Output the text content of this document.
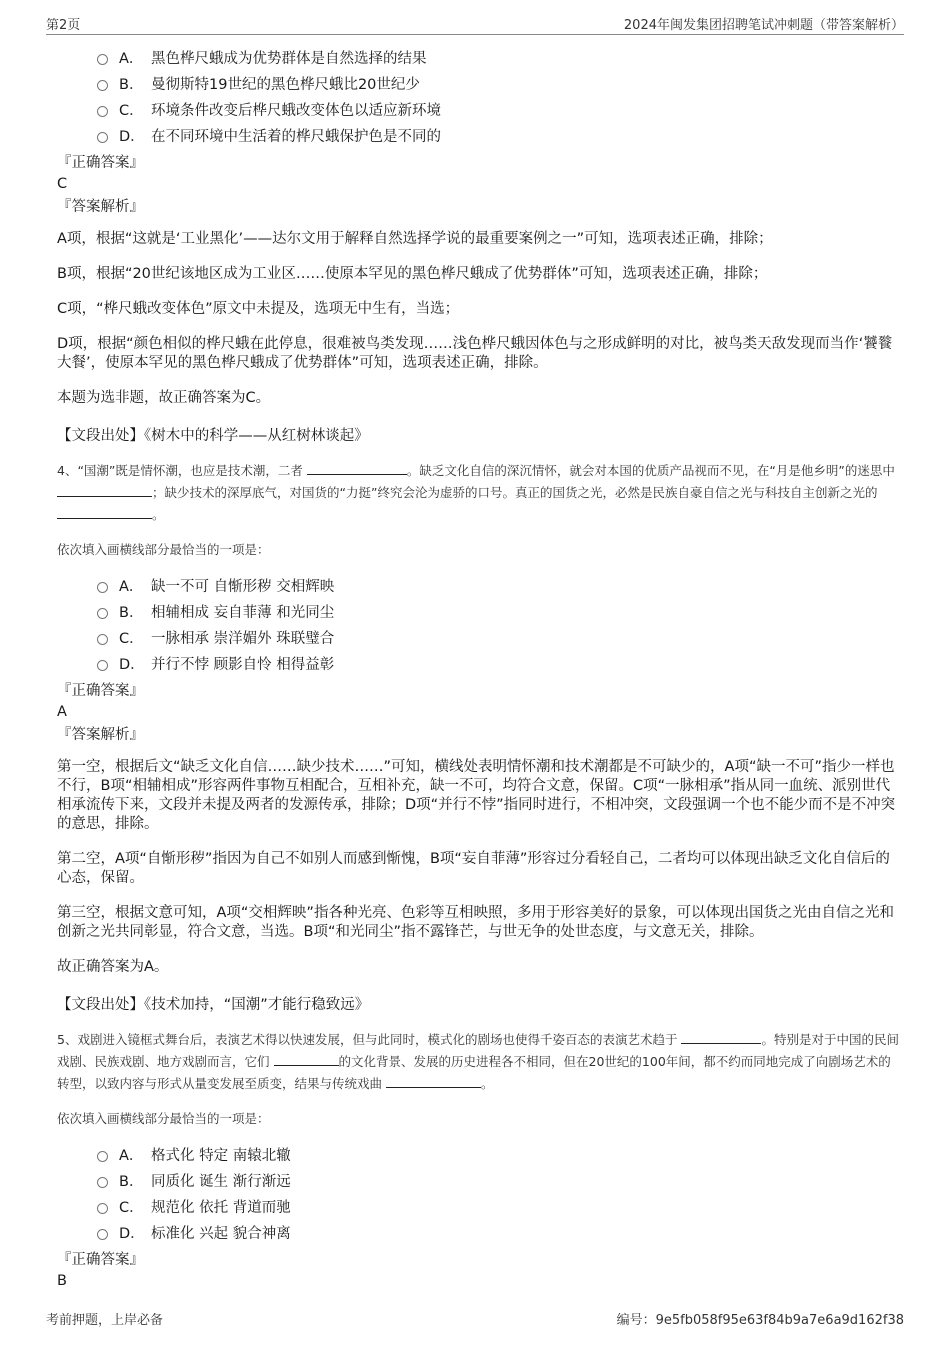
第2页	2024年闽发集团招聘笔试冲刺题（带答案解析）
A． 黑色桦尺蛾成为优势群体是自然选择的结果
B． 曼彻斯特19世纪的黑色桦尺蛾比20世纪少
C． 环境条件改变后桦尺蛾改变体色以适应新环境
D． 在不同环境中生活着的桦尺蛾保护色是不同的
『正确答案』
C
『答案解析』

A项，根据“这就是‘工业黑化’——达尔文用于解释自然选择学说的最重要案例之一”可知，选项表述正确，排除；

B项，根据“20世纪该地区成为工业区……使原本罕见的黑色桦尺蛾成了优势群体”可知，选项表述正确，排除；

C项，“桦尺蛾改变体色”原文中未提及，选项无中生有，当选；

D项，根据“颜色相似的桦尺蛾在此停息，很难被鸟类发现……浅色桦尺蛾因体色与之形成鲜明的对比，被鸟类天敌发现而当作‘饕餮大餐’，使原本罕见的黑色桦尺蛾成了优势群体”可知，选项表述正确，排除。

本题为选非题，故正确答案为C。

【文段出处】《树木中的科学——从红树林谈起》
4、“国潮”既是情怀潮，也应是技术潮，二者	。缺乏文化自信的深沉情怀，就会对本国的优质产品视而不见，在“月是他乡明”的迷思中 ；缺少技术的深厚底气，对国货的“力挺”终究会沦为虚骄的口号。真正的国货之光，必然是民族自豪自信之光与科技自主创新之光的 。
依次填入画横线部分最恰当的一项是：
A． 缺一不可 自惭形秽 交相辉映
B． 相辅相成 妄自菲薄 和光同尘
C． 一脉相承 崇洋媚外 珠联璧合
D． 并行不悖 顾影自怜 相得益彰
『正确答案』
A
『答案解析』

第一空，根据后文“缺乏文化自信……缺少技术……”可知，横线处表明情怀潮和技术潮都是不可缺少的，A项“缺一不可”指少一样也不行，B项“相辅相成”形容两件事物互相配合，互相补充，缺一不可，均符合文意，保留。C项“一脉相承”指从同一血统、派别世代相承流传下来，文段并未提及两者的发源传承，排除；D项“并行不悖”指同时进行，不相冲突，文段强调一个也不能少而不是不冲突的意思，排除。

第二空，A项“自惭形秽”指因为自己不如别人而感到惭愧，B项“妄自菲薄”形容过分看轻自己，二者均可以体现出缺乏文化自信后的心态，保留。

第三空，根据文意可知，A项“交相辉映”指各种光亮、色彩等互相映照，多用于形容美好的景象，可以体现出国货之光由自信之光和创新之光共同彰显，符合文意，当选。B项“和光同尘”指不露锋芒，与世无争的处世态度，与文意无关，排除。

故正确答案为A。

【文段出处】《技术加持，“国潮”才能行稳致远》
5、戏剧进入镜框式舞台后，表演艺术得以快速发展，但与此同时，模式化的剧场也使得千姿百态的表演艺术趋于	。特别是对于中国的民间戏剧、民族戏剧、地方戏剧而言，它们	的文化背景、发展的历史进程各不相同，但在20世纪的100年间，都不约而同地完成了向剧场艺术的转型，以致内容与形式从量变发展至质变，结果与传统戏曲	。
依次填入画横线部分最恰当的一项是：
A． 格式化 特定 南辕北辙
B． 同质化 诞生 渐行渐远
C． 规范化 依托 背道而驰
D． 标准化 兴起 貌合神离
『正确答案』
B
考前押题，上岸必备	编号：9e5fb058f95e63f84b9a7e6a9d162f38
